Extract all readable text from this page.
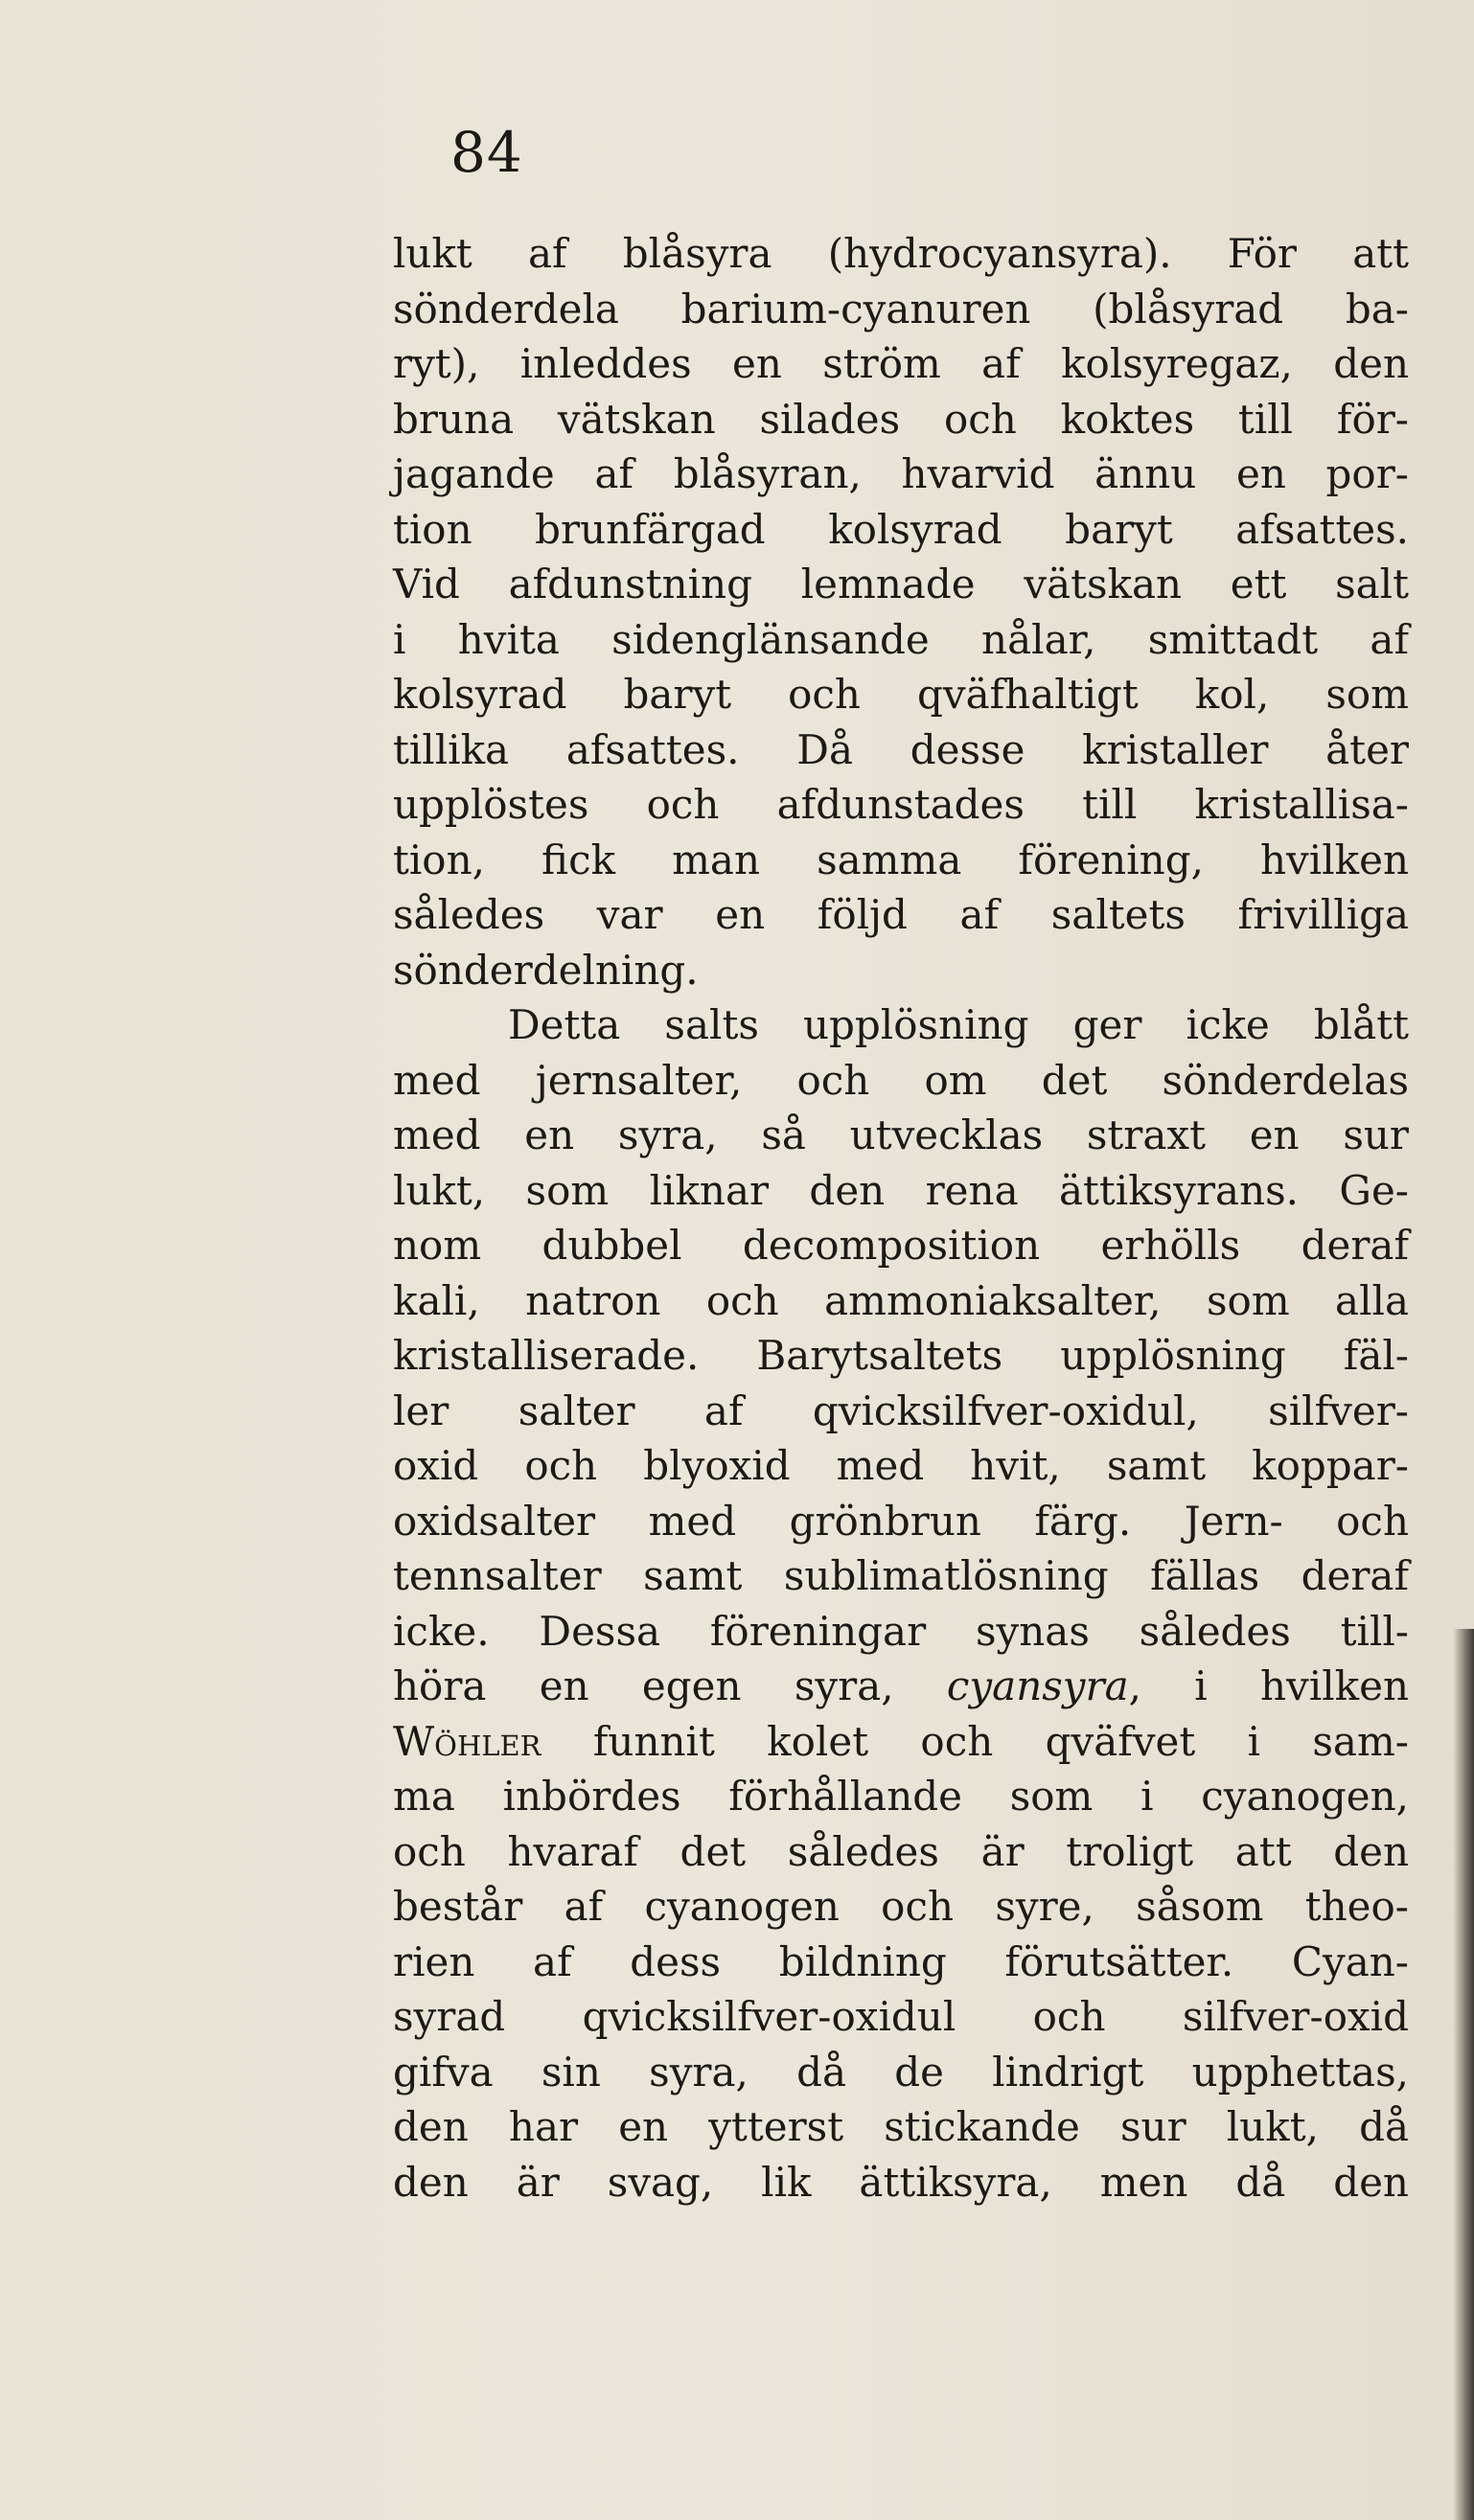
84
lukt af blåsyra (hydrocyansyra). För att
sönderdela barium-cyanuren (blåsyrad ba-
ryt), inleddes en ström af kolsyregaz, den
bruna vätskan silades och koktes till för-
jagande af blåsyran, hvarvid ännu en por-
tion brunfärgad kolsyrad baryt afsattes.
Vid afdunstning lemnade vätskan ett salt
i hvita sidenglänsande nålar, smittadt af
kolsyrad baryt och qväfhaltigt kol, som
tillika afsattes. Då desse kristaller åter
upplöstes och afdunstades till kristallisa-
tion, fick man samma förening, hvilken
således var en följd af saltets frivilliga
sönderdelning.
Detta salts upplösning ger icke blått
med jernsalter, och om det sönderdelas
med en syra, så utvecklas straxt en sur
lukt, som liknar den rena ättiksyrans. Ge-
nom dubbel decomposition erhölls deraf
kali, natron och ammoniaksalter, som alla
kristalliserade. Barytsaltets upplösning fäl-
ler salter af qvicksilfver-oxidul, silfver-
oxid och blyoxid med hvit, samt koppar-
oxidsalter med grönbrun färg. Jern- och
tennsalter samt sublimatlösning fällas deraf
icke. Dessa föreningar synas således till-
höra en egen syra, cyansyra, i hvilken
Wöhler funnit kolet och qväfvet i sam-
ma inbördes förhållande som i cyanogen,
och hvaraf det således är troligt att den
består af cyanogen och syre, såsom theo-
rien af dess bildning förutsätter. Cyan-
syrad qvicksilfver-oxidul och silfver-oxid
gifva sin syra, då de lindrigt upphettas,
den har en ytterst stickande sur lukt, då
den är svag, lik ättiksyra, men då den
